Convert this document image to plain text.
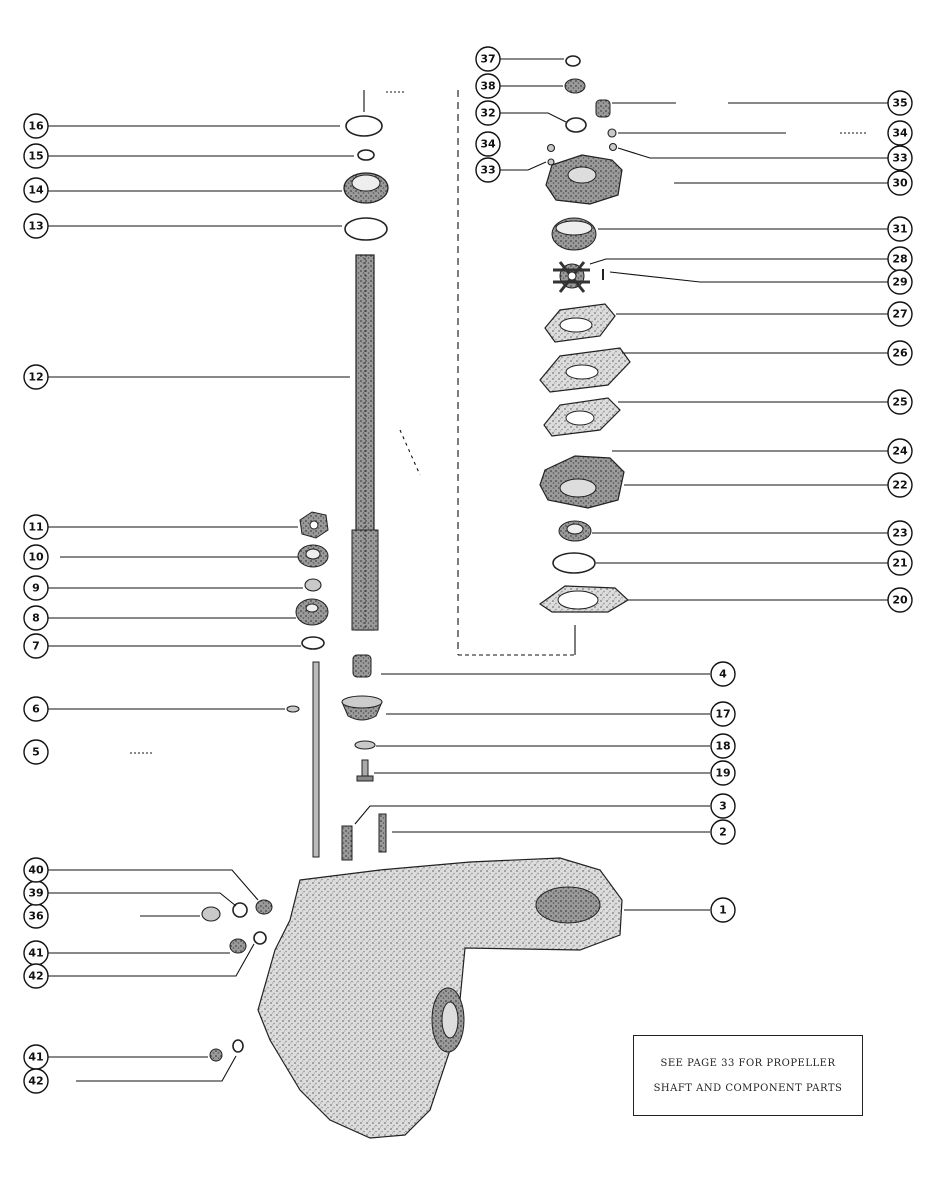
1
2
3
4
5
6
7
8
9
10
11
12
13
14
15
16
17
18
19
20
21
22
23
24
25
26
27
28
29
30
31
32
33
33
34
34
35
36
37
38
39
40
41
42
41
42
SEE PAGE 33 FOR PROPELLER
SHAFT AND COMPONENT PARTS
